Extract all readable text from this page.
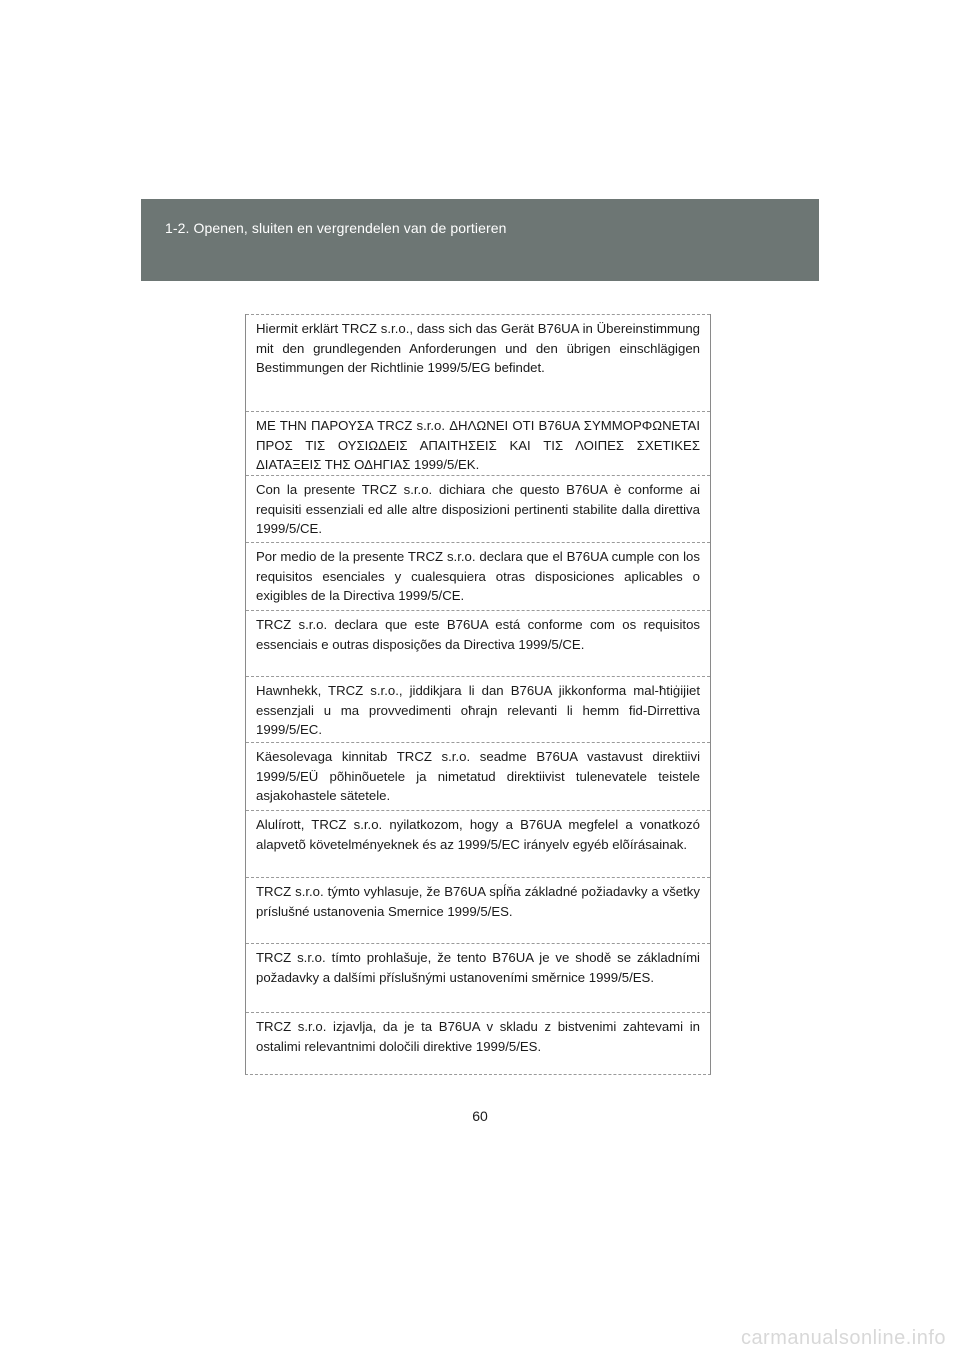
1-2. Openen, sluiten en vergrendelen van de portieren
Hiermit erklärt TRCZ s.r.o., dass sich das Gerät B76UA in Übereinstimmung mit den grundlegenden Anforderungen und den übrigen einschlägigen Bestimmungen der Richtlinie 1999/5/EG befindet.
ΜΕ ΤΗΝ ΠΑΡΟΥΣΑ TRCZ s.r.o. ΔΗΛΩΝΕΙ ΟΤΙ B76UA ΣΥΜΜΟΡΦΩΝΕΤΑΙ ΠΡΟΣ ΤΙΣ ΟΥΣΙΩΔΕΙΣ ΑΠΑΙΤΗΣΕΙΣ ΚΑΙ ΤΙΣ ΛΟΙΠΕΣ ΣΧΕΤΙΚΕΣ ΔΙΑΤΑΞΕΙΣ ΤΗΣ ΟΔΗΓΙΑΣ 1999/5/ΕΚ.
Con la presente TRCZ s.r.o. dichiara che questo B76UA è conforme ai requisiti essenziali ed alle altre disposizioni pertinenti stabilite dalla direttiva 1999/5/CE.
Por medio de la presente TRCZ s.r.o. declara que el B76UA cumple con los requisitos esenciales y cualesquiera otras disposiciones aplicables o exigibles de la Directiva 1999/5/CE.
TRCZ s.r.o. declara que este B76UA está conforme com os requisitos essenciais e outras disposições da Directiva 1999/5/CE.
Hawnhekk, TRCZ s.r.o., jiddikjara li dan B76UA jikkonforma mal-ħtiġijiet essenzjali u ma provvedimenti oħrajn relevanti li hemm fid-Dirrettiva 1999/5/EC.
Käesolevaga kinnitab TRCZ s.r.o. seadme B76UA vastavust direktiivi 1999/5/EÜ põhinõuetele ja nimetatud direktiivist tulenevatele teistele asjakohastele sätetele.
Alulírott, TRCZ s.r.o. nyilatkozom, hogy a B76UA megfelel a vonatkozó alapvetõ követelményeknek és az 1999/5/EC irányelv egyéb elõírásainak.
TRCZ s.r.o. týmto vyhlasuje, že B76UA spĺňa základné požiadavky a všetky príslušné ustanovenia Smernice 1999/5/ES.
TRCZ s.r.o. tímto prohlašuje, že tento B76UA je ve shodě se základními požadavky a dalšími příslušnými ustanoveními směrnice 1999/5/ES.
TRCZ s.r.o. izjavlja, da je ta B76UA v skladu z bistvenimi zahtevami in ostalimi relevantnimi določili direktive 1999/5/ES.
60
carmanualsonline.info
